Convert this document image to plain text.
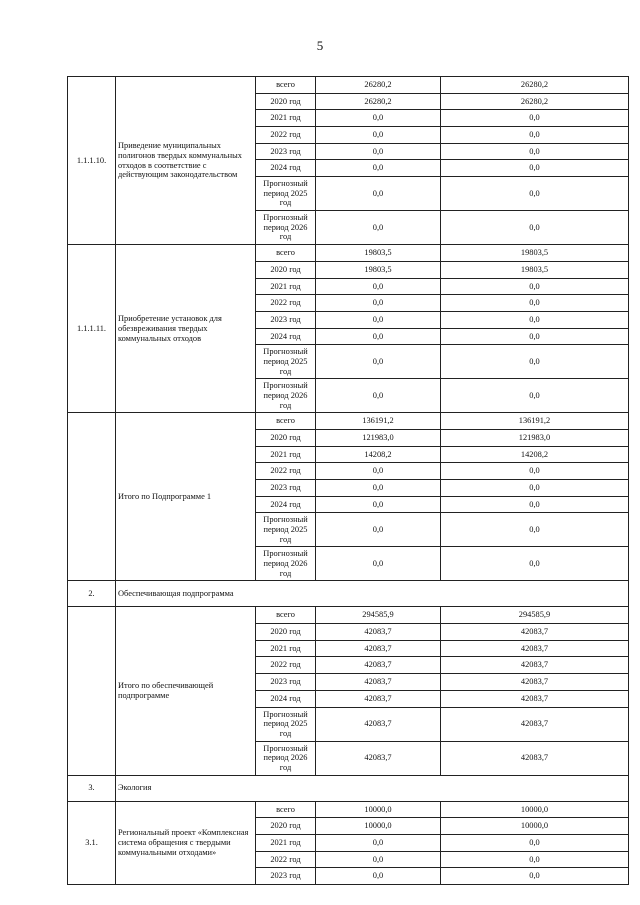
5
1.1.1.10.	Приведение муниципальных полигонов твердых коммунальных отходов в соответствие с действующим законодательством	всего	26280,2	26280,2
		2020 год	26280,2	26280,2
		2021 год	0,0	0,0
		2022 год	0,0	0,0
		2023 год	0,0	0,0
		2024 год	0,0	0,0
		Прогнозный период 2025 год	0,0	0,0
		Прогнозный период 2026 год	0,0	0,0
1.1.1.11.	Приобретение установок для обезвреживания твердых коммунальных отходов	всего	19803,5	19803,5
		2020 год	19803,5	19803,5
		2021 год	0,0	0,0
		2022 год	0,0	0,0
		2023 год	0,0	0,0
		2024 год	0,0	0,0
		Прогнозный период 2025 год	0,0	0,0
		Прогнозный период 2026 год	0,0	0,0
	Итого по Подпрограмме 1	всего	136191,2	136191,2
		2020 год	121983,0	121983,0
		2021 год	14208,2	14208,2
		2022 год	0,0	0,0
		2023 год	0,0	0,0
		2024 год	0,0	0,0
		Прогнозный период 2025 год	0,0	0,0
		Прогнозный период 2026 год	0,0	0,0
2.	Обеспечивающая подпрограмма			
	Итого по обеспечивающей подпрограмме	всего	294585,9	294585,9
		2020 год	42083,7	42083,7
		2021 год	42083,7	42083,7
		2022 год	42083,7	42083,7
		2023 год	42083,7	42083,7
		2024 год	42083,7	42083,7
		Прогнозный период 2025 год	42083,7	42083,7
		Прогнозный период 2026 год	42083,7	42083,7
3.	Экология			
3.1.	Региональный проект «Комплексная система обращения с твердыми коммунальными отходами»	всего	10000,0	10000,0
		2020 год	10000,0	10000,0
		2021 год	0,0	0,0
		2022 год	0,0	0,0
		2023 год	0,0	0,0
